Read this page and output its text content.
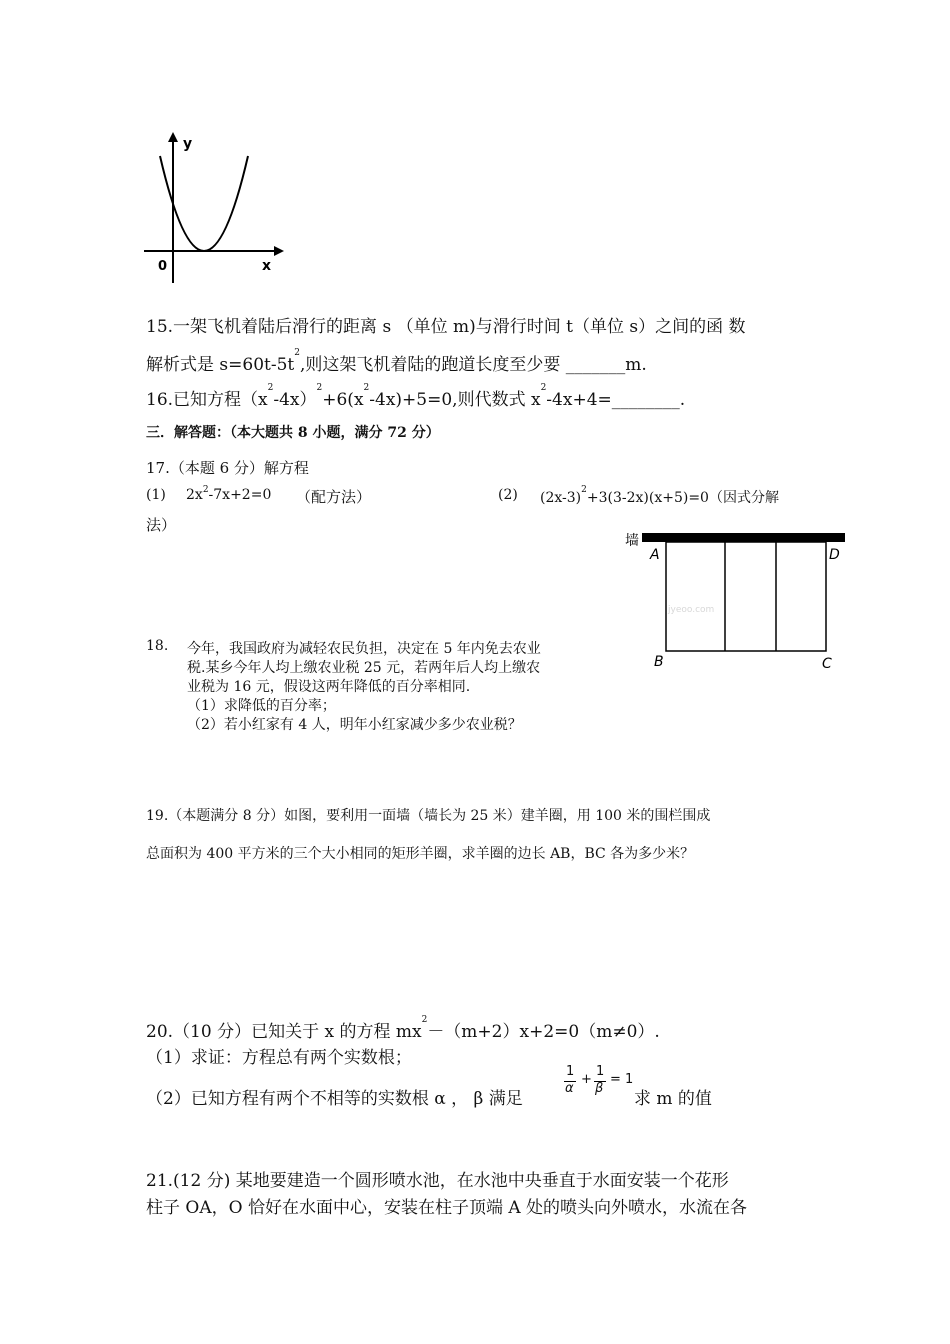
y
x
0
15.一架飞机着陆后滑行的距离 s （单位 m)与滑行时间 t（单位 s）之间的函 数
解析式是 $s=60t-5t^2$,则这架飞机着陆的跑道长度至少要 _______m.
16.已知方程$(x^2-4x)^2+6(x^2-4x)+5=0$,则代数式 $x^2-4x+4=\_\_\_\_\_\_\_\_$.
三．解答题：（本大题共 8 小题，满分 72 分）
17.（本题 6 分）解方程
(1) $2x^2-7x+2=0$ （配方法）	(2) $(2x-3)^2+3(3-2x)(x+5)=0$（因式分解
法）
墙
A	D
B	C
jyeoo.com
18. 今年，我国政府为减轻农民负担，决定在 5 年内免去农业
税.某乡今年人均上缴农业税 25 元，若两年后人均上缴农
业税为 16 元，假设这两年降低的百分率相同.
（1）求降低的百分率；
（2）若小红家有 4 人，明年小红家减少多少农业税？
19.（本题满分 8 分）如图，要利用一面墙（墙长为 25 米）建羊圈，用 100 米的围栏围成
总面积为 400 平方米的三个大小相同的矩形羊圈，求羊圈的边长 AB，BC 各为多少米？
20.（10 分）已知关于 x 的方程 $mx^2-(m+2)x+2=0(m\ne 0)$.
（1）求证：方程总有两个实数根；
（2）已知方程有两个不相等的实数根 α ， β 满足
1
α
+
1
β
= 1
求 m 的值
21.(12 分) 某地要建造一个圆形喷水池，在水池中央垂直于水面安装一个花形
柱子 OA，O 恰好在水面中心，安装在柱子顶端 A 处的喷头向外喷水，水流在各
